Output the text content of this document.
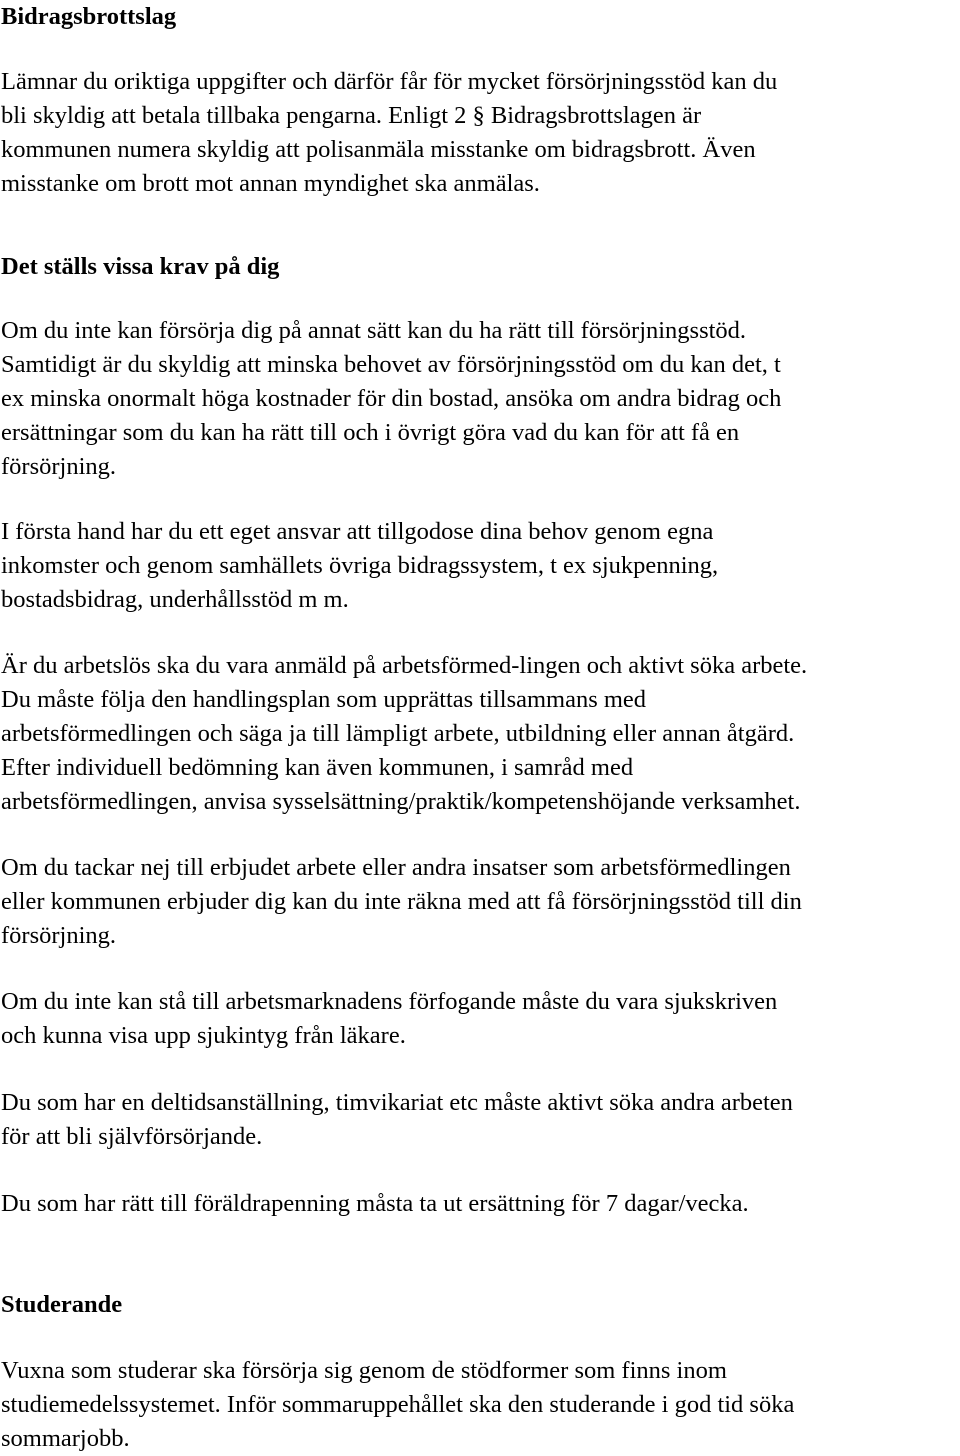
Bidragsbrottslag

Lämnar du oriktiga uppgifter och därför får för mycket försörjningsstöd kan du
bli skyldig att betala tillbaka pengarna. Enligt 2 § Bidragsbrottslagen är
kommunen numera skyldig att polisanmäla misstanke om bidragsbrott. Även
misstanke om brott mot annan myndighet ska anmälas.

Det ställs vissa krav på dig

Om du inte kan försörja dig på annat sätt kan du ha rätt till försörjningsstöd.
Samtidigt är du skyldig att minska behovet av försörjningsstöd om du kan det, t
ex minska onormalt höga kostnader för din bostad, ansöka om andra bidrag och
ersättningar som du kan ha rätt till och i övrigt göra vad du kan för att få en
försörjning.

I första hand har du ett eget ansvar att tillgodose dina behov genom egna
inkomster och genom samhällets övriga bidragssystem, t ex sjukpenning,
bostadsbidrag, underhållsstöd m m.

Är du arbetslös ska du vara anmäld på arbetsförmed-lingen och aktivt söka arbete.
Du måste följa den handlingsplan som upprättas tillsammans med
arbetsförmedlingen och säga ja till lämpligt arbete, utbildning eller annan åtgärd.
Efter individuell bedömning kan även kommunen, i samråd med
arbetsförmedlingen, anvisa sysselsättning/praktik/kompetenshöjande verksamhet.

Om du tackar nej till erbjudet arbete eller andra insatser som arbetsförmedlingen
eller kommunen erbjuder dig kan du inte räkna med att få försörjningsstöd till din
försörjning.

Om du inte kan stå till arbetsmarknadens förfogande måste du vara sjukskriven
och kunna visa upp sjukintyg från läkare.

Du som har en deltidsanställning, timvikariat etc måste aktivt söka andra arbeten
för att bli självförsörjande.

Du som har rätt till föräldrapenning måsta ta ut ersättning för 7 dagar/vecka.

Studerande

Vuxna som studerar ska försörja sig genom de stödformer som finns inom
studiemedelssystemet. Inför sommaruppehållet ska den studerande i god tid söka
sommarjobb.
